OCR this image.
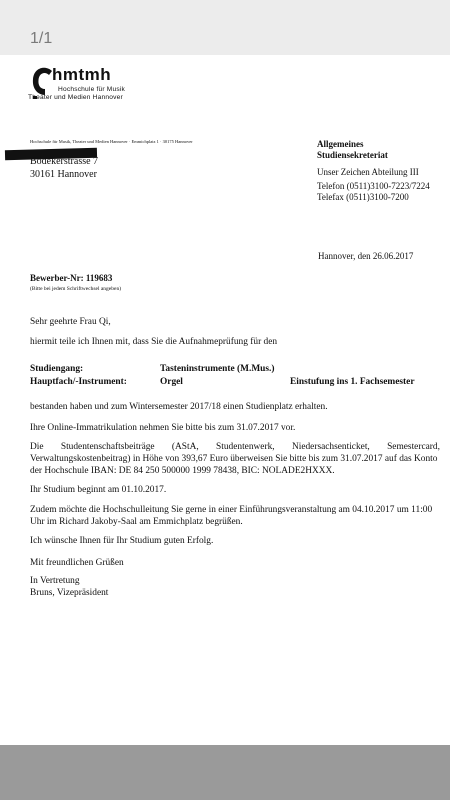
1/1
hmtmh
Hochschule für Musik
Theater und Medien Hannover
Hochschule für Musik, Theater und Medien Hannover · Emmichplatz 1 · 30175 Hannover
Bödekerstrasse 7
30161 Hannover
Allgemeines
Studiensekreteriat
Unser Zeichen Abteilung III
Telefon (0511)3100-7223/7224
Telefax (0511)3100-7200
Hannover, den 26.06.2017
Bewerber-Nr: 119683
(Bitte bei jedem Schriftwechsel angeben)
Sehr geehrte Frau Qi,
hiermit teile ich Ihnen mit, dass Sie die Aufnahmeprüfung für den
Studiengang:	Tasteninstrumente (M.Mus.)
Hauptfach/-Instrument:	Orgel	Einstufung ins 1. Fachsemester
bestanden haben und zum Wintersemester 2017/18 einen Studienplatz erhalten.
Ihre Online-Immatrikulation nehmen Sie bitte bis zum 31.07.2017 vor.
Die Studentenschaftsbeiträge (AStA, Studentenwerk, Niedersachsenticket, Semestercard,
Verwaltungskostenbeitrag) in Höhe von 393,67 Euro überweisen Sie bitte bis zum 31.07.2017 auf das Konto
der Hochschule IBAN: DE 84 250 500000 1999 78438, BIC: NOLADE2HXXX.
Ihr Studium beginnt am 01.10.2017.
Zudem möchte die Hochschulleitung Sie gerne in einer Einführungsveranstaltung am 04.10.2017 um 11:00
Uhr im Richard Jakoby-Saal am Emmichplatz begrüßen.
Ich wünsche Ihnen für Ihr Studium guten Erfolg.
Mit freundlichen Grüßen
In Vertretung
Bruns, Vizepräsident
